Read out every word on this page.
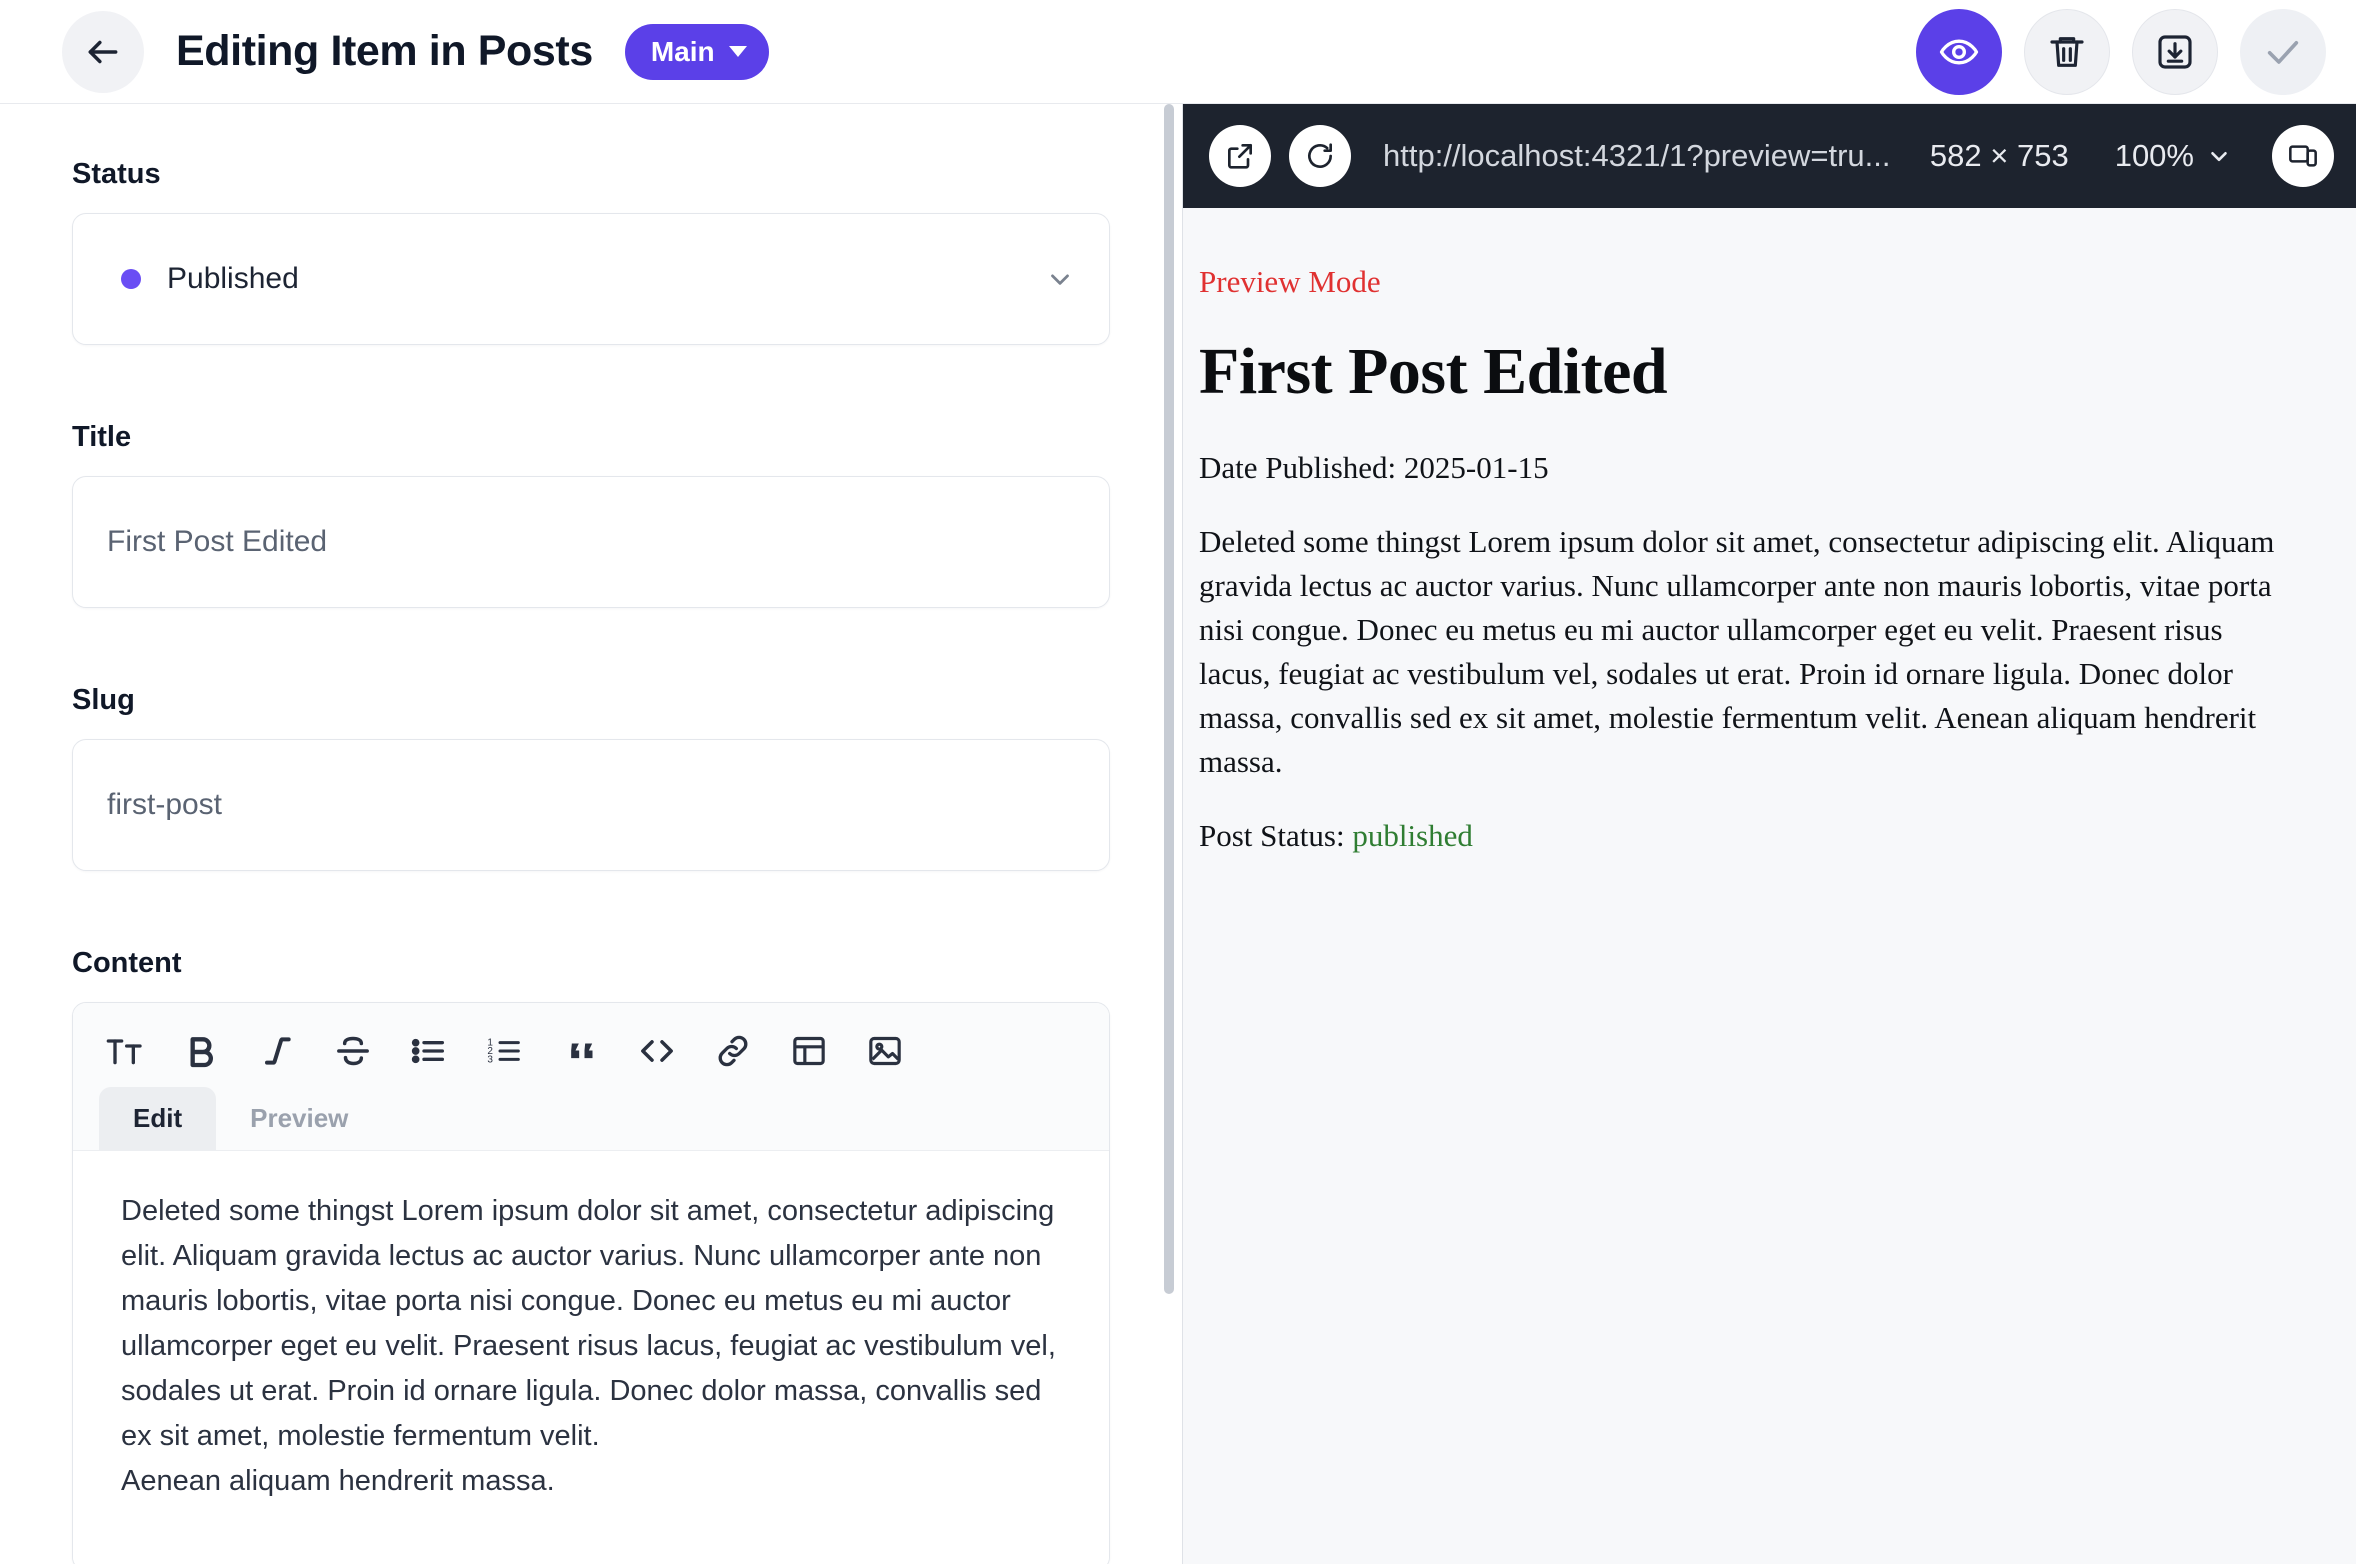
Editing Item in Posts Main
Status
Published
Title
First Post Edited
Slug
first-post
Content
1
2
3
Edit	Preview

Deleted some thingst Lorem ipsum dolor sit amet, consectetur adipiscing elit. Aliquam gravida lectus ac auctor varius. Nunc ullamcorper ante non mauris lobortis, vitae porta nisi congue. Donec eu metus eu mi auctor ullamcorper eget eu velit. Praesent risus lacus, feugiat ac vestibulum vel, sodales ut erat. Proin id ornare ligula. Donec dolor massa, convallis sed ex sit amet, molestie fermentum velit.

Aenean aliquam hendrerit massa.

http://localhost:4321/1?preview=tru... 582 × 753 100%
Preview Mode
First Post Edited
Date Published: 2025-01-15
Deleted some thingst Lorem ipsum dolor sit amet, consectetur adipiscing elit. Aliquam gravida lectus ac auctor varius. Nunc ullamcorper ante non mauris lobortis, vitae porta nisi congue. Donec eu metus eu mi auctor ullamcorper eget eu velit. Praesent risus lacus, feugiat ac vestibulum vel, sodales ut erat. Proin id ornare ligula. Donec dolor massa, convallis sed ex sit amet, molestie fermentum velit. Aenean aliquam hendrerit massa.
Post Status: published
